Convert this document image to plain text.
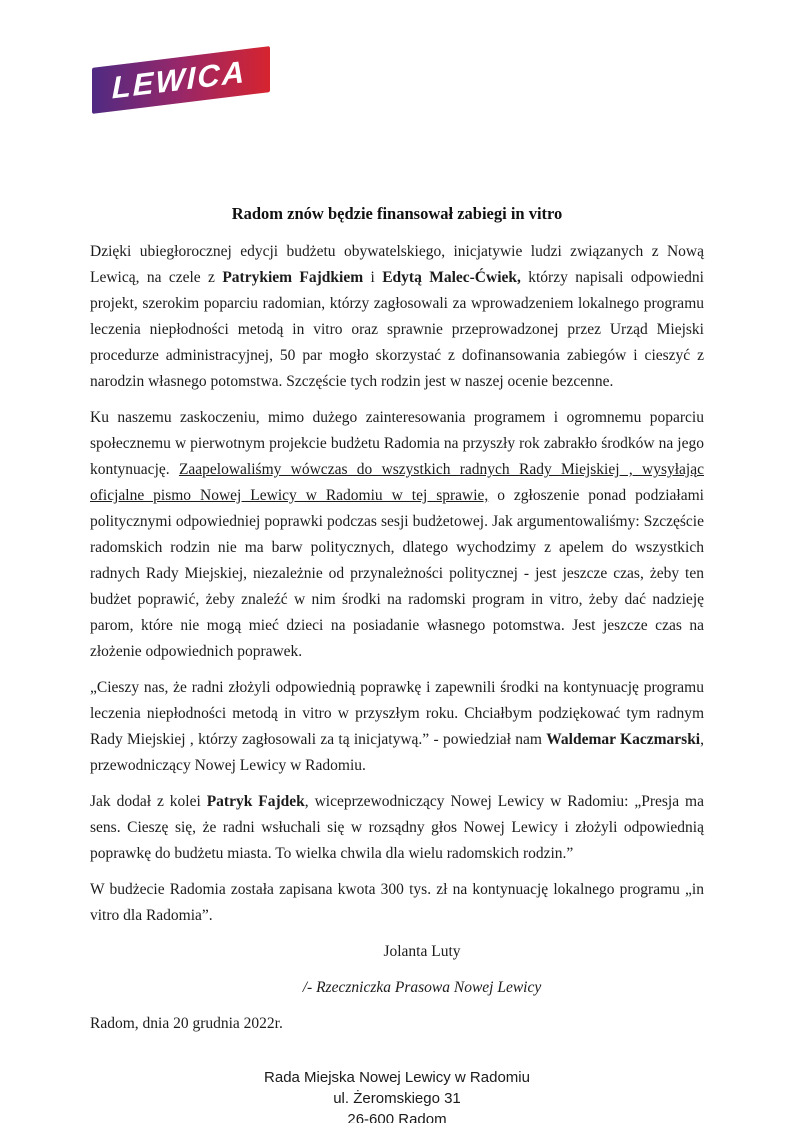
LEWICA
Radom znów będzie finansował zabiegi in vitro

Dzięki ubiegłorocznej edycji budżetu obywatelskiego, inicjatywie ludzi związanych z Nową Lewicą, na czele z Patrykiem Fajdkiem i Edytą Malec-Ćwiek, którzy napisali odpowiedni projekt, szerokim poparciu radomian, którzy zagłosowali za wprowadzeniem lokalnego programu leczenia niepłodności metodą in vitro oraz sprawnie przeprowadzonej przez Urząd Miejski procedurze administracyjnej, 50 par mogło skorzystać z dofinansowania zabiegów i cieszyć z narodzin własnego potomstwa. Szczęście tych rodzin jest w naszej ocenie bezcenne.

Ku naszemu zaskoczeniu, mimo dużego zainteresowania programem i ogromnemu poparciu społecznemu w pierwotnym projekcie budżetu Radomia na przyszły rok zabrakło środków na jego kontynuację. Zaapelowaliśmy wówczas do wszystkich radnych Rady Miejskiej , wysyłając oficjalne pismo Nowej Lewicy w Radomiu w tej sprawie, o zgłoszenie ponad podziałami politycznymi odpowiedniej poprawki podczas sesji budżetowej. Jak argumentowaliśmy: Szczęście radomskich rodzin nie ma barw politycznych, dlatego wychodzimy z apelem do wszystkich radnych Rady Miejskiej, niezależnie od przynależności politycznej - jest jeszcze czas, żeby ten budżet poprawić, żeby znaleźć w nim środki na radomski program in vitro, żeby dać nadzieję parom, które nie mogą mieć dzieci na posiadanie własnego potomstwa. Jest jeszcze czas na złożenie odpowiednich poprawek.

„Cieszy nas, że radni złożyli odpowiednią poprawkę i zapewnili środki na kontynuację programu leczenia niepłodności metodą in vitro w przyszłym roku. Chciałbym podziękować tym radnym Rady Miejskiej , którzy zagłosowali za tą inicjatywą.” - powiedział nam Waldemar Kaczmarski, przewodniczący Nowej Lewicy w Radomiu.

Jak dodał z kolei Patryk Fajdek, wiceprzewodniczący Nowej Lewicy w Radomiu: „Presja ma sens. Cieszę się, że radni wsłuchali się w rozsądny głos Nowej Lewicy i złożyli odpowiednią poprawkę do budżetu miasta. To wielka chwila dla wielu radomskich rodzin.”

W budżecie Radomia została zapisana kwota 300 tys. zł na kontynuację lokalnego programu „in vitro dla Radomia”.

Jolanta Luty
/- Rzeczniczka Prasowa Nowej Lewicy
Radom, dnia 20 grudnia 2022r.
Rada Miejska Nowej Lewicy w Radomiu
ul. Żeromskiego 31
26-600 Radom
